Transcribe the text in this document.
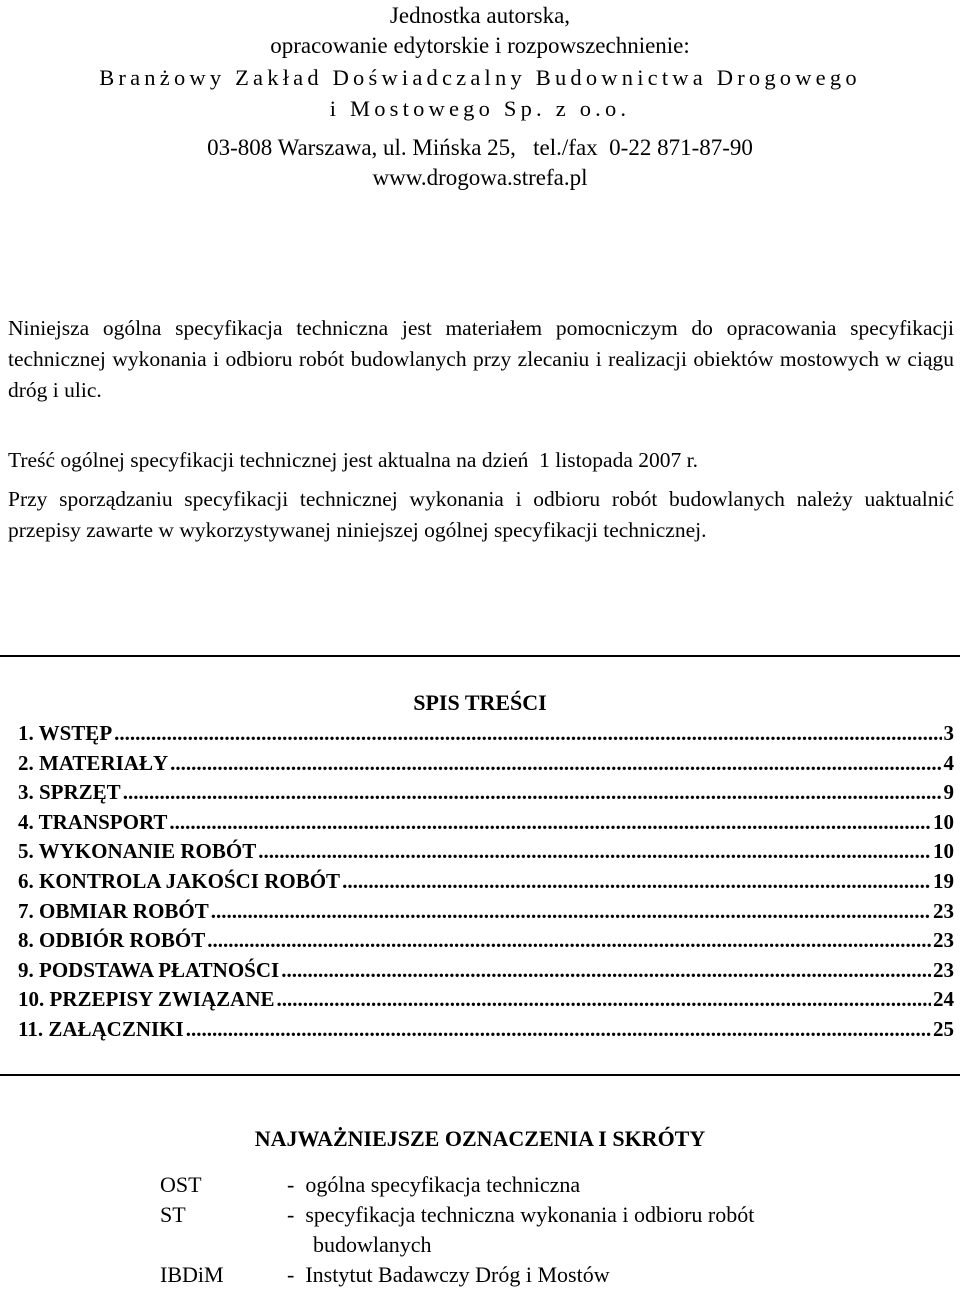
Jednostka autorska,
opracowanie edytorskie i rozpowszechnienie:
Branżowy Zakład Doświadczalny Budownictwa Drogowego
i Mostowego Sp. z o.o.
03-808 Warszawa, ul. Mińska 25,   tel./fax  0-22 871-87-90
www.drogowa.strefa.pl
Niniejsza ogólna specyfikacja techniczna jest materiałem pomocniczym do opracowania specyfikacji technicznej wykonania i odbioru robót budowlanych przy zlecaniu i realizacji obiektów mostowych w ciągu dróg i ulic.
Treść ogólnej specyfikacji technicznej jest aktualna na dzień  1 listopada 2007 r.
Przy sporządzaniu specyfikacji technicznej wykonania i odbioru robót budowlanych należy uaktualnić przepisy zawarte w wykorzystywanej niniejszej ogólnej specyfikacji technicznej.
SPIS TREŚCI
1. WSTĘP .....	3
2. MATERIAŁY .....	4
3. SPRZĘT .....	9
4. TRANSPORT .....	10
5. WYKONANIE ROBÓT .....	10
6. KONTROLA JAKOŚCI ROBÓT .....	19
7. OBMIAR ROBÓT .....	23
8. ODBIÓR ROBÓT .....	23
9. PODSTAWA PŁATNOŚCI .....	23
10. PRZEPISY ZWIĄZANE .....	24
11. ZAŁĄCZNIKI .....	25
NAJWAŻNIEJSZE OZNACZENIA I SKRÓTY
OST	-  ogólna specyfikacja techniczna
ST	-  specyfikacja techniczna wykonania i odbioru robót
budowlanych
IBDiM	-  Instytut Badawczy Dróg i Mostów
